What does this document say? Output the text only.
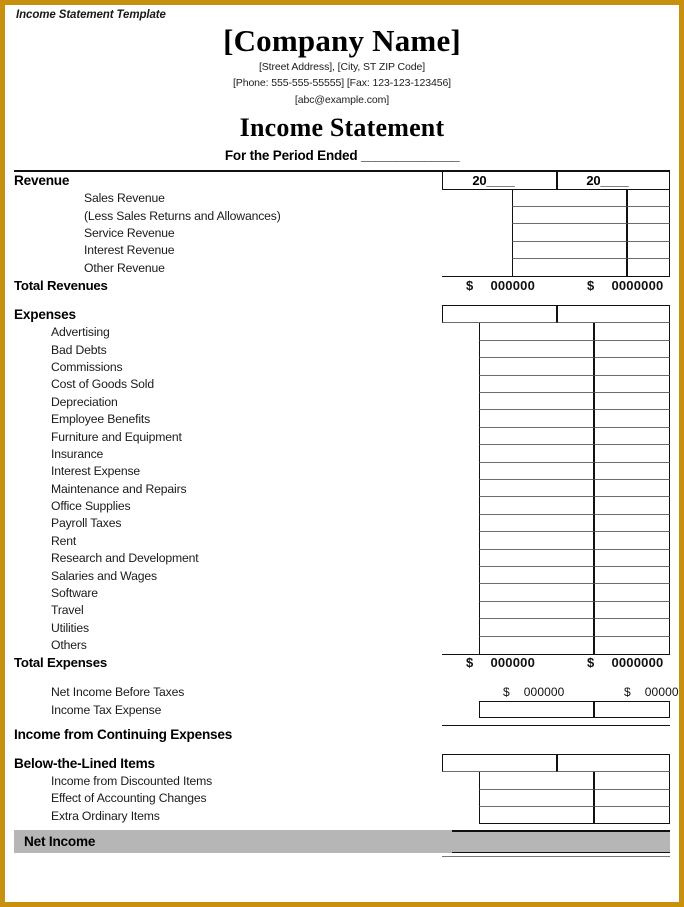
Income Statement Template
[Company Name]
[Street Address], [City, ST ZIP Code]
[Phone: 555-555-55555] [Fax: 123-123-123456]
[abc@example.com]
Income Statement
For the Period Ended ______________
Revenue	20____	20____
Sales Revenue
(Less Sales Returns and Allowances)
Service Revenue
Interest Revenue
Other Revenue
Total Revenues	$ 000000	$ 0000000
Expenses
Advertising
Bad Debts
Commissions
Cost of Goods Sold
Depreciation
Employee Benefits
Furniture and Equipment
Insurance
Interest Expense
Maintenance and Repairs
Office Supplies
Payroll Taxes
Rent
Research and Development
Salaries and Wages
Software
Travel
Utilities
Others
Total Expenses	$ 000000	$ 0000000
Net Income Before Taxes	$ 000000	$ 00000
Income Tax Expense
Income from Continuing Expenses
Below-the-Lined Items
Income from Discounted Items
Effect of Accounting Changes
Extra Ordinary Items
Net Income
